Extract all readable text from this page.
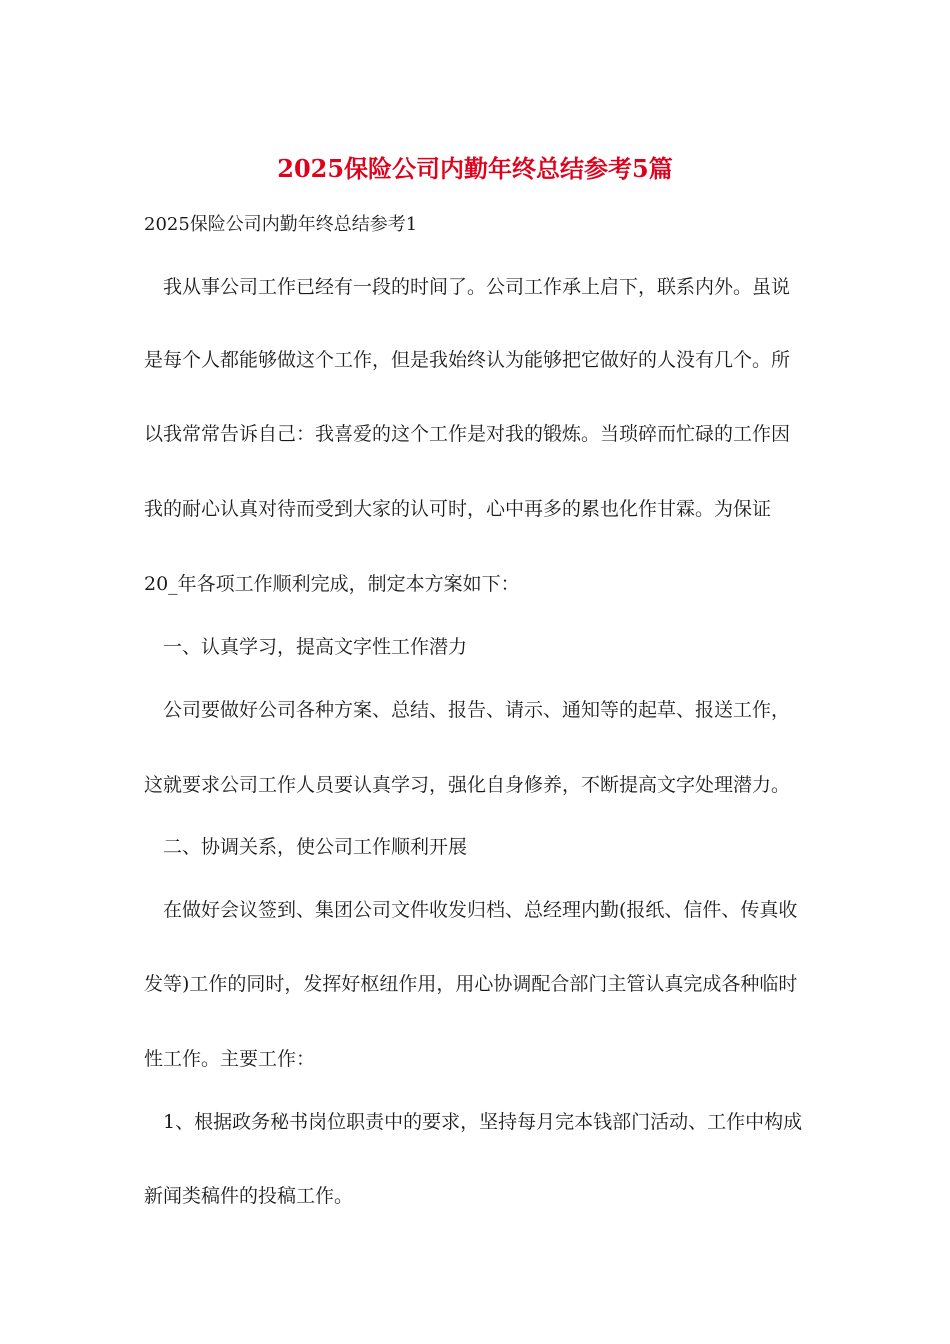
2025保险公司内勤年终总结参考5篇
2025保险公司内勤年终总结参考1
我从事公司工作已经有一段的时间了。公司工作承上启下，联系内外。虽说
是每个人都能够做这个工作，但是我始终认为能够把它做好的人没有几个。所
以我常常告诉自己：我喜爱的这个工作是对我的锻炼。当琐碎而忙碌的工作因
我的耐心认真对待而受到大家的认可时，心中再多的累也化作甘霖。为保证
20_年各项工作顺利完成，制定本方案如下：
一、认真学习，提高文字性工作潜力
公司要做好公司各种方案、总结、报告、请示、通知等的起草、报送工作，
这就要求公司工作人员要认真学习，强化自身修养，不断提高文字处理潜力。
二、协调关系，使公司工作顺利开展
在做好会议签到、集团公司文件收发归档、总经理内勤(报纸、信件、传真收
发等)工作的同时，发挥好枢纽作用，用心协调配合部门主管认真完成各种临时
性工作。主要工作：
1、根据政务秘书岗位职责中的要求，坚持每月完本钱部门活动、工作中构成
新闻类稿件的投稿工作。
